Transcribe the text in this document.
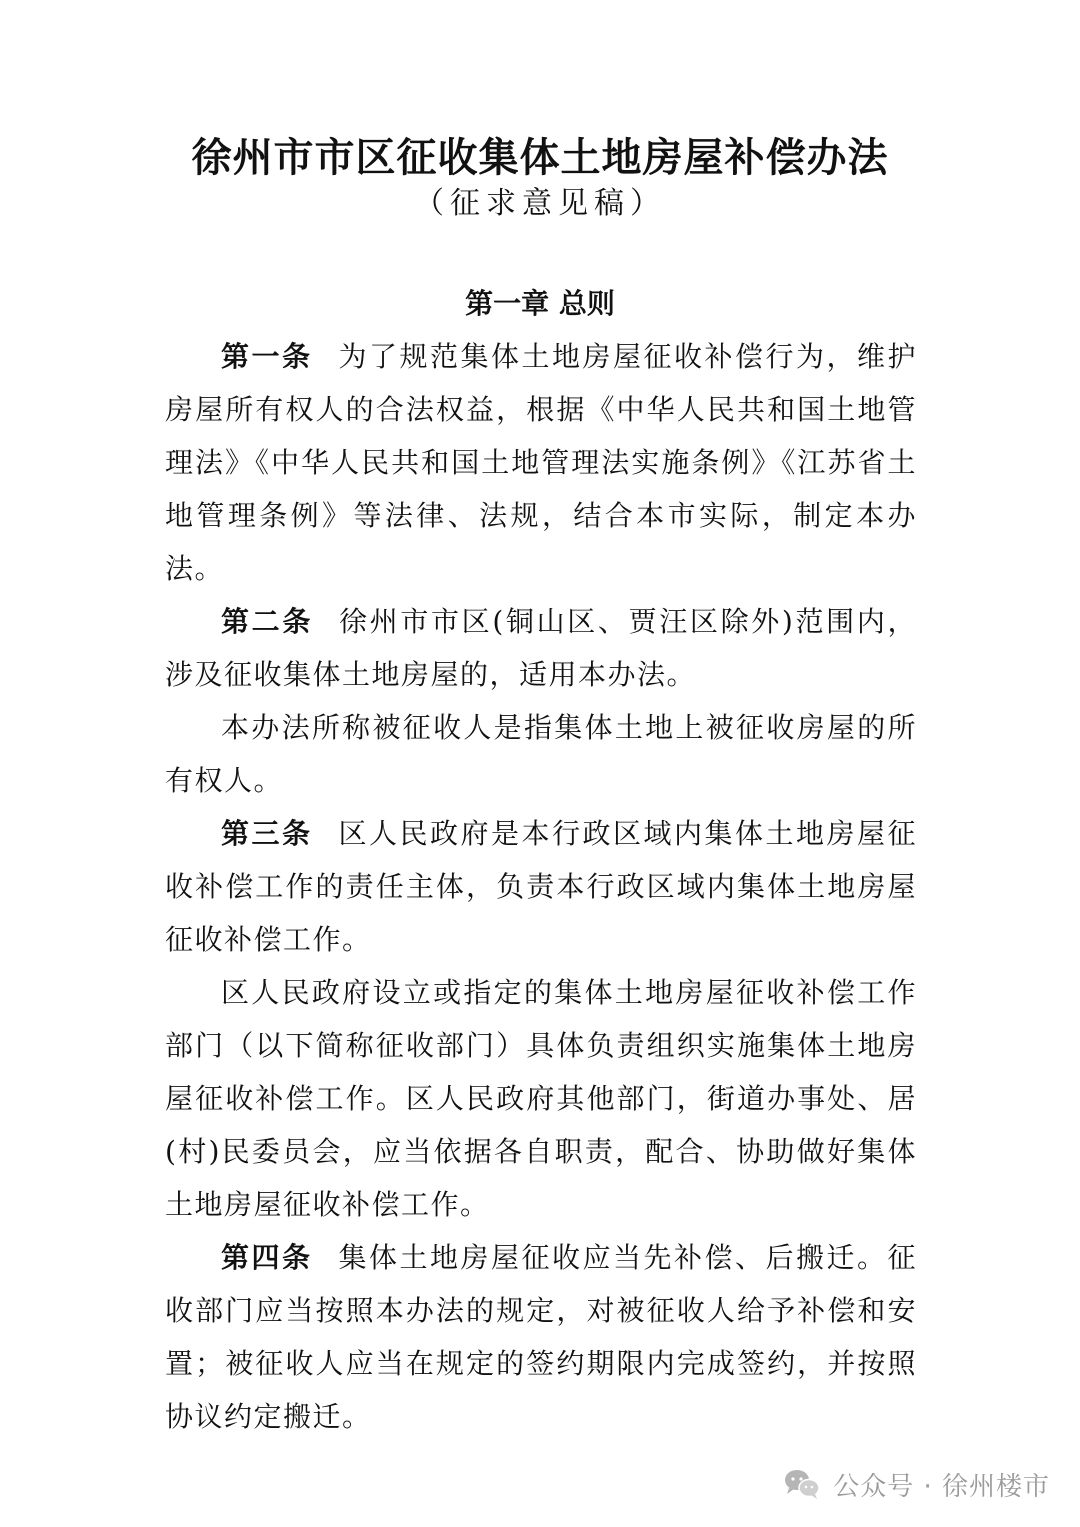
徐州市市区征收集体土地房屋补偿办法
（征求意见稿）
第一章 总则

第一条 为了规范集体土地房屋征收补偿行为，维护房屋所有权人的合法权益，根据《中华人民共和国土地管理法》《中华人民共和国土地管理法实施条例》《江苏省土地管理条例》等法律、法规，结合本市实际，制定本办法。

第二条 徐州市市区(铜山区、贾汪区除外)范围内，涉及征收集体土地房屋的，适用本办法。

本办法所称被征收人是指集体土地上被征收房屋的所有权人。

第三条 区人民政府是本行政区域内集体土地房屋征收补偿工作的责任主体，负责本行政区域内集体土地房屋征收补偿工作。

区人民政府设立或指定的集体土地房屋征收补偿工作部门（以下简称征收部门）具体负责组织实施集体土地房屋征收补偿工作。区人民政府其他部门，街道办事处、居(村)民委员会，应当依据各自职责，配合、协助做好集体土地房屋征收补偿工作。

第四条 集体土地房屋征收应当先补偿、后搬迁。征收部门应当按照本办法的规定，对被征收人给予补偿和安置；被征收人应当在规定的签约期限内完成签约，并按照协议约定搬迁。

公众号 · 徐州楼市
